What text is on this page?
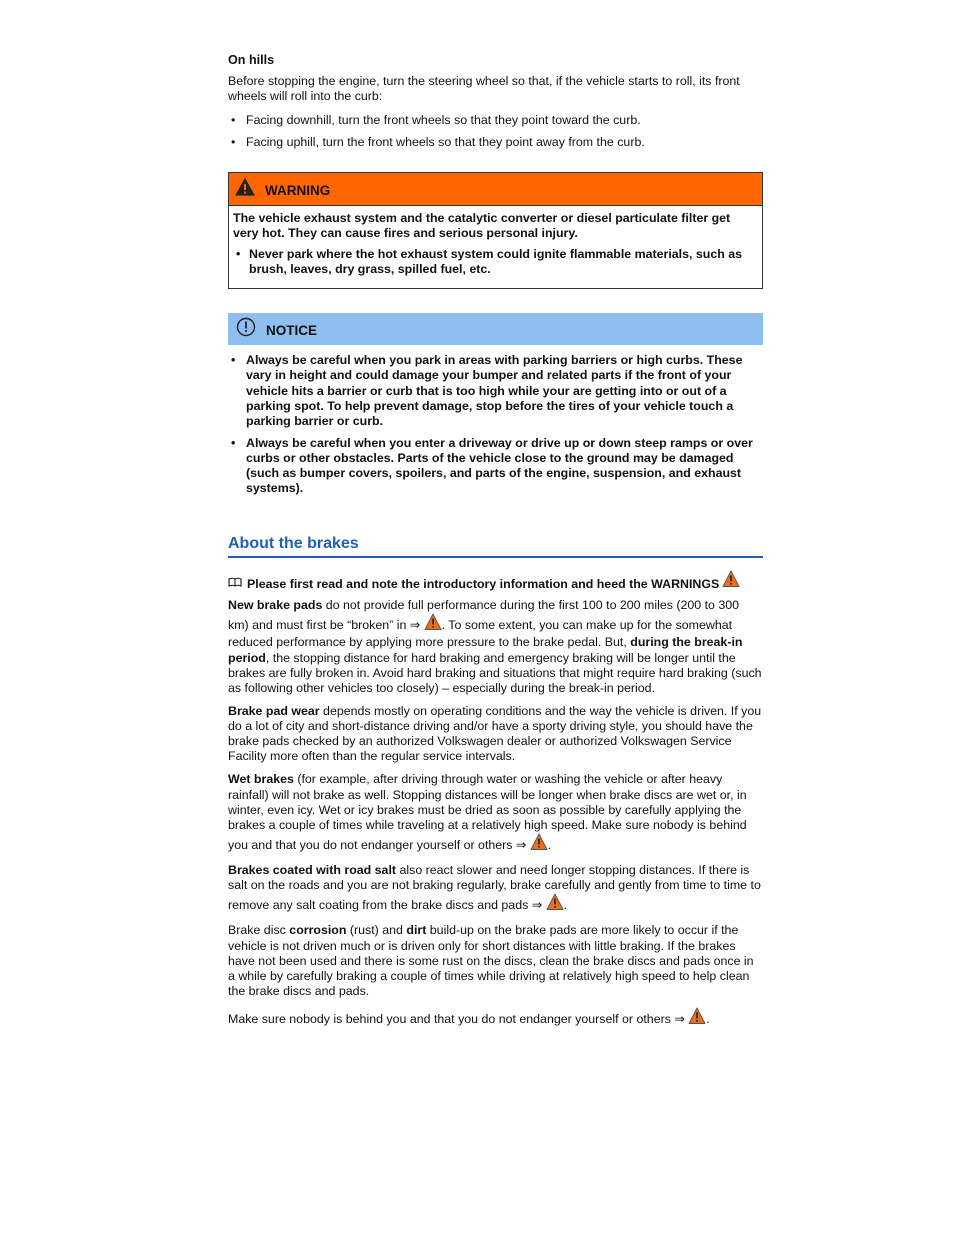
On hills

Before stopping the engine, turn the steering wheel so that, if the vehicle starts to roll, its front wheels will roll into the curb:

• Facing downhill, turn the front wheels so that they point toward the curb.
• Facing uphill, turn the front wheels so that they point away from the curb.
WARNING

The vehicle exhaust system and the catalytic converter or diesel particulate filter get very hot. They can cause fires and serious personal injury.

• Never park where the hot exhaust system could ignite flammable materials, such as brush, leaves, dry grass, spilled fuel, etc.
NOTICE
• Always be careful when you park in areas with parking barriers or high curbs. These vary in height and could damage your bumper and related parts if the front of your vehicle hits a barrier or curb that is too high while your are getting into or out of a parking spot. To help prevent damage, stop before the tires of your vehicle touch a parking barrier or curb.
• Always be careful when you enter a driveway or drive up or down steep ramps or over curbs or other obstacles. Parts of the vehicle close to the ground may be damaged (such as bumper covers, spoilers, and parts of the engine, suspension, and exhaust systems).
About the brakes
Please first read and note the introductory information and heed the WARNINGS

New brake pads do not provide full performance during the first 100 to 200 miles (200 to 300 km) and must first be “broken” in ⇒ . To some extent, you can make up for the somewhat reduced performance by applying more pressure to the brake pedal. But, during the break-in period, the stopping distance for hard braking and emergency braking will be longer until the brakes are fully broken in. Avoid hard braking and situations that might require hard braking (such as following other vehicles too closely) – especially during the break-in period.

Brake pad wear depends mostly on operating conditions and the way the vehicle is driven. If you do a lot of city and short-distance driving and/or have a sporty driving style, you should have the brake pads checked by an authorized Volkswagen dealer or authorized Volkswagen Service Facility more often than the regular service intervals.

Wet brakes (for example, after driving through water or washing the vehicle or after heavy rainfall) will not brake as well. Stopping distances will be longer when brake discs are wet or, in winter, even icy. Wet or icy brakes must be dried as soon as possible by carefully applying the brakes a couple of times while traveling at a relatively high speed. Make sure nobody is behind you and that you do not endanger yourself or others ⇒ .

Brakes coated with road salt also react slower and need longer stopping distances. If there is salt on the roads and you are not braking regularly, brake carefully and gently from time to time to remove any salt coating from the brake discs and pads ⇒ .

Brake disc corrosion (rust) and dirt build-up on the brake pads are more likely to occur if the vehicle is not driven much or is driven only for short distances with little braking. If the brakes have not been used and there is some rust on the discs, clean the brake discs and pads once in a while by carefully braking a couple of times while driving at relatively high speed to help clean the brake discs and pads.

Make sure nobody is behind you and that you do not endanger yourself or others ⇒ .
